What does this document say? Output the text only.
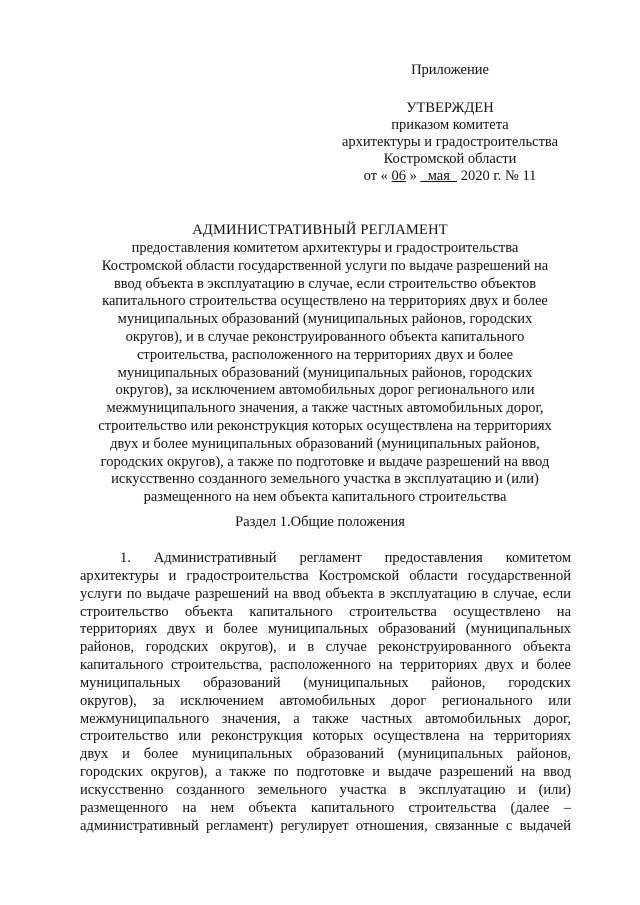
Приложение
УТВЕРЖДЕН
приказом комитета
архитектуры и градостроительства
Костромской области
от « 06 » мая 2020 г. № 11
АДМИНИСТРАТИВНЫЙ РЕГЛАМЕНТ
предоставления комитетом архитектуры и градостроительства
Костромской области государственной услуги по выдаче разрешений на
ввод объекта в эксплуатацию в случае, если строительство объектов
капитального строительства осуществлено на территориях двух и более
муниципальных образований (муниципальных районов, городских
округов), и в случае реконструированного объекта капитального
строительства, расположенного на территориях двух и более
муниципальных образований (муниципальных районов, городских
округов), за исключением автомобильных дорог регионального или
межмуниципального значения, а также частных автомобильных дорог,
строительство или реконструкция которых осуществлена на территориях
двух и более муниципальных образований (муниципальных районов,
городских округов), а также по подготовке и выдаче разрешений на ввод
искусственно созданного земельного участка в эксплуатацию и (или)
размещенного на нем объекта капитального строительства
Раздел 1.Общие положения
1. Административный регламент предоставления комитетом
архитектуры и градостроительства Костромской области государственной
услуги по выдаче разрешений на ввод объекта в эксплуатацию в случае, если
строительство объекта капитального строительства осуществлено на
территориях двух и более муниципальных образований (муниципальных
районов, городских округов), и в случае реконструированного объекта
капитального строительства, расположенного на территориях двух и более
муниципальных образований (муниципальных районов, городских
округов), за исключением автомобильных дорог регионального или
межмуниципального значения, а также частных автомобильных дорог,
строительство или реконструкция которых осуществлена на территориях
двух и более муниципальных образований (муниципальных районов,
городских округов), а также по подготовке и выдаче разрешений на ввод
искусственно созданного земельного участка в эксплуатацию и (или)
размещенного на нем объекта капитального строительства (далее –
административный регламент) регулирует отношения, связанные с выдачей
